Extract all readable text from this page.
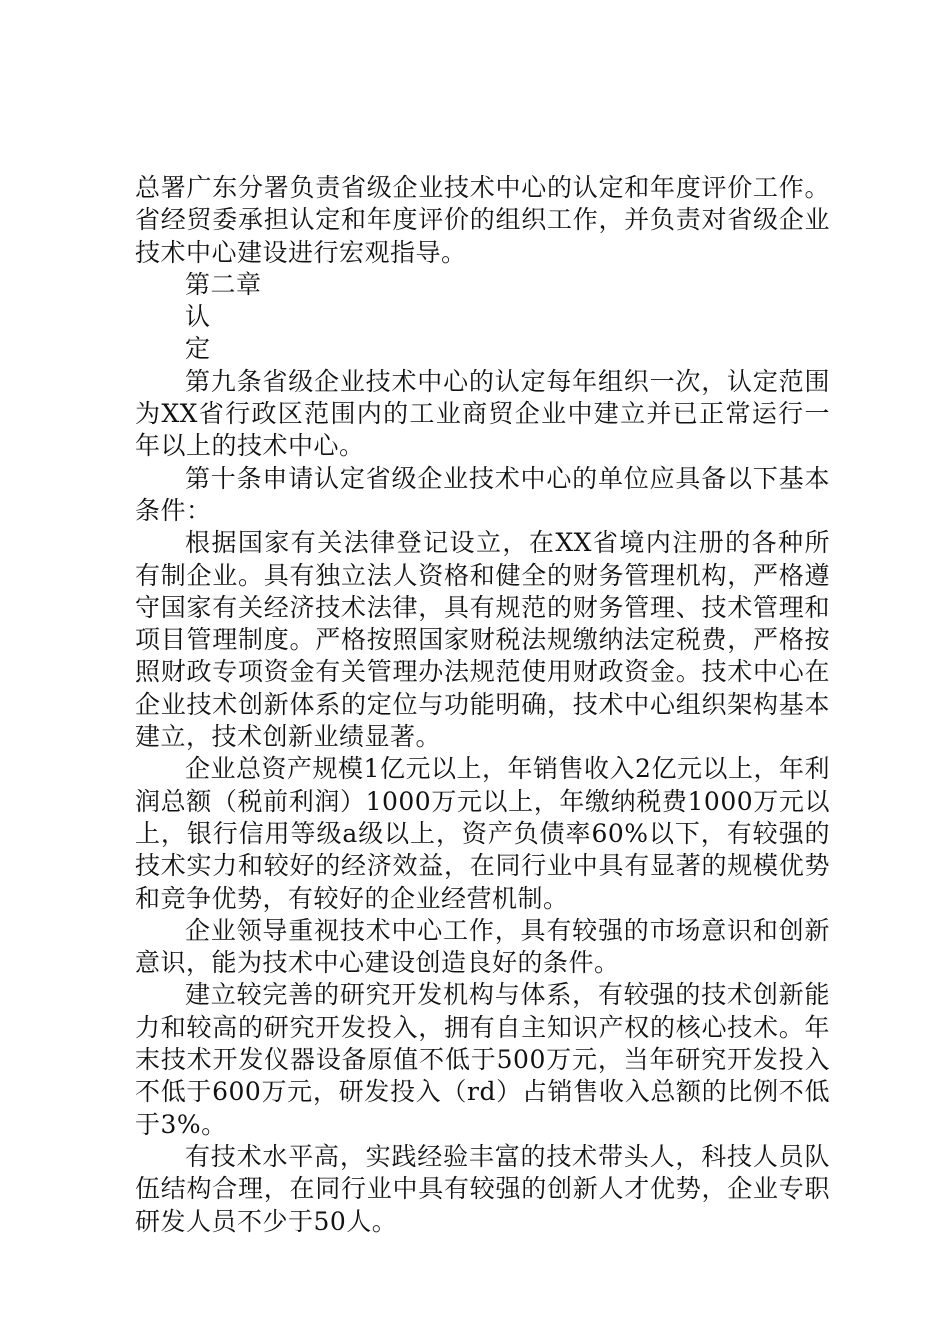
总署广东分署负责省级企业技术中心的认定和年度评价工作。省经贸委承担认定和年度评价的组织工作，并负责对省级企业技术中心建设进行宏观指导。

第二章

认

定

第九条省级企业技术中心的认定每年组织一次，认定范围为XX省行政区范围内的工业商贸企业中建立并已正常运行一年以上的技术中心。

第十条申请认定省级企业技术中心的单位应具备以下基本条件：

根据国家有关法律登记设立，在XX省境内注册的各种所有制企业。具有独立法人资格和健全的财务管理机构，严格遵守国家有关经济技术法律，具有规范的财务管理、技术管理和项目管理制度。严格按照国家财税法规缴纳法定税费，严格按照财政专项资金有关管理办法规范使用财政资金。技术中心在企业技术创新体系的定位与功能明确，技术中心组织架构基本建立，技术创新业绩显著。

企业总资产规模1亿元以上，年销售收入2亿元以上，年利润总额（税前利润）1000万元以上，年缴纳税费1000万元以上，银行信用等级a级以上，资产负债率60%以下，有较强的技术实力和较好的经济效益，在同行业中具有显著的规模优势和竞争优势，有较好的企业经营机制。

企业领导重视技术中心工作，具有较强的市场意识和创新意识，能为技术中心建设创造良好的条件。

建立较完善的研究开发机构与体系，有较强的技术创新能力和较高的研究开发投入，拥有自主知识产权的核心技术。年末技术开发仪器设备原值不低于500万元，当年研究开发投入不低于600万元，研发投入（rd）占销售收入总额的比例不低于3%。

有技术水平高，实践经验丰富的技术带头人，科技人员队伍结构合理，在同行业中具有较强的创新人才优势，企业专职研发人员不少于50人。
